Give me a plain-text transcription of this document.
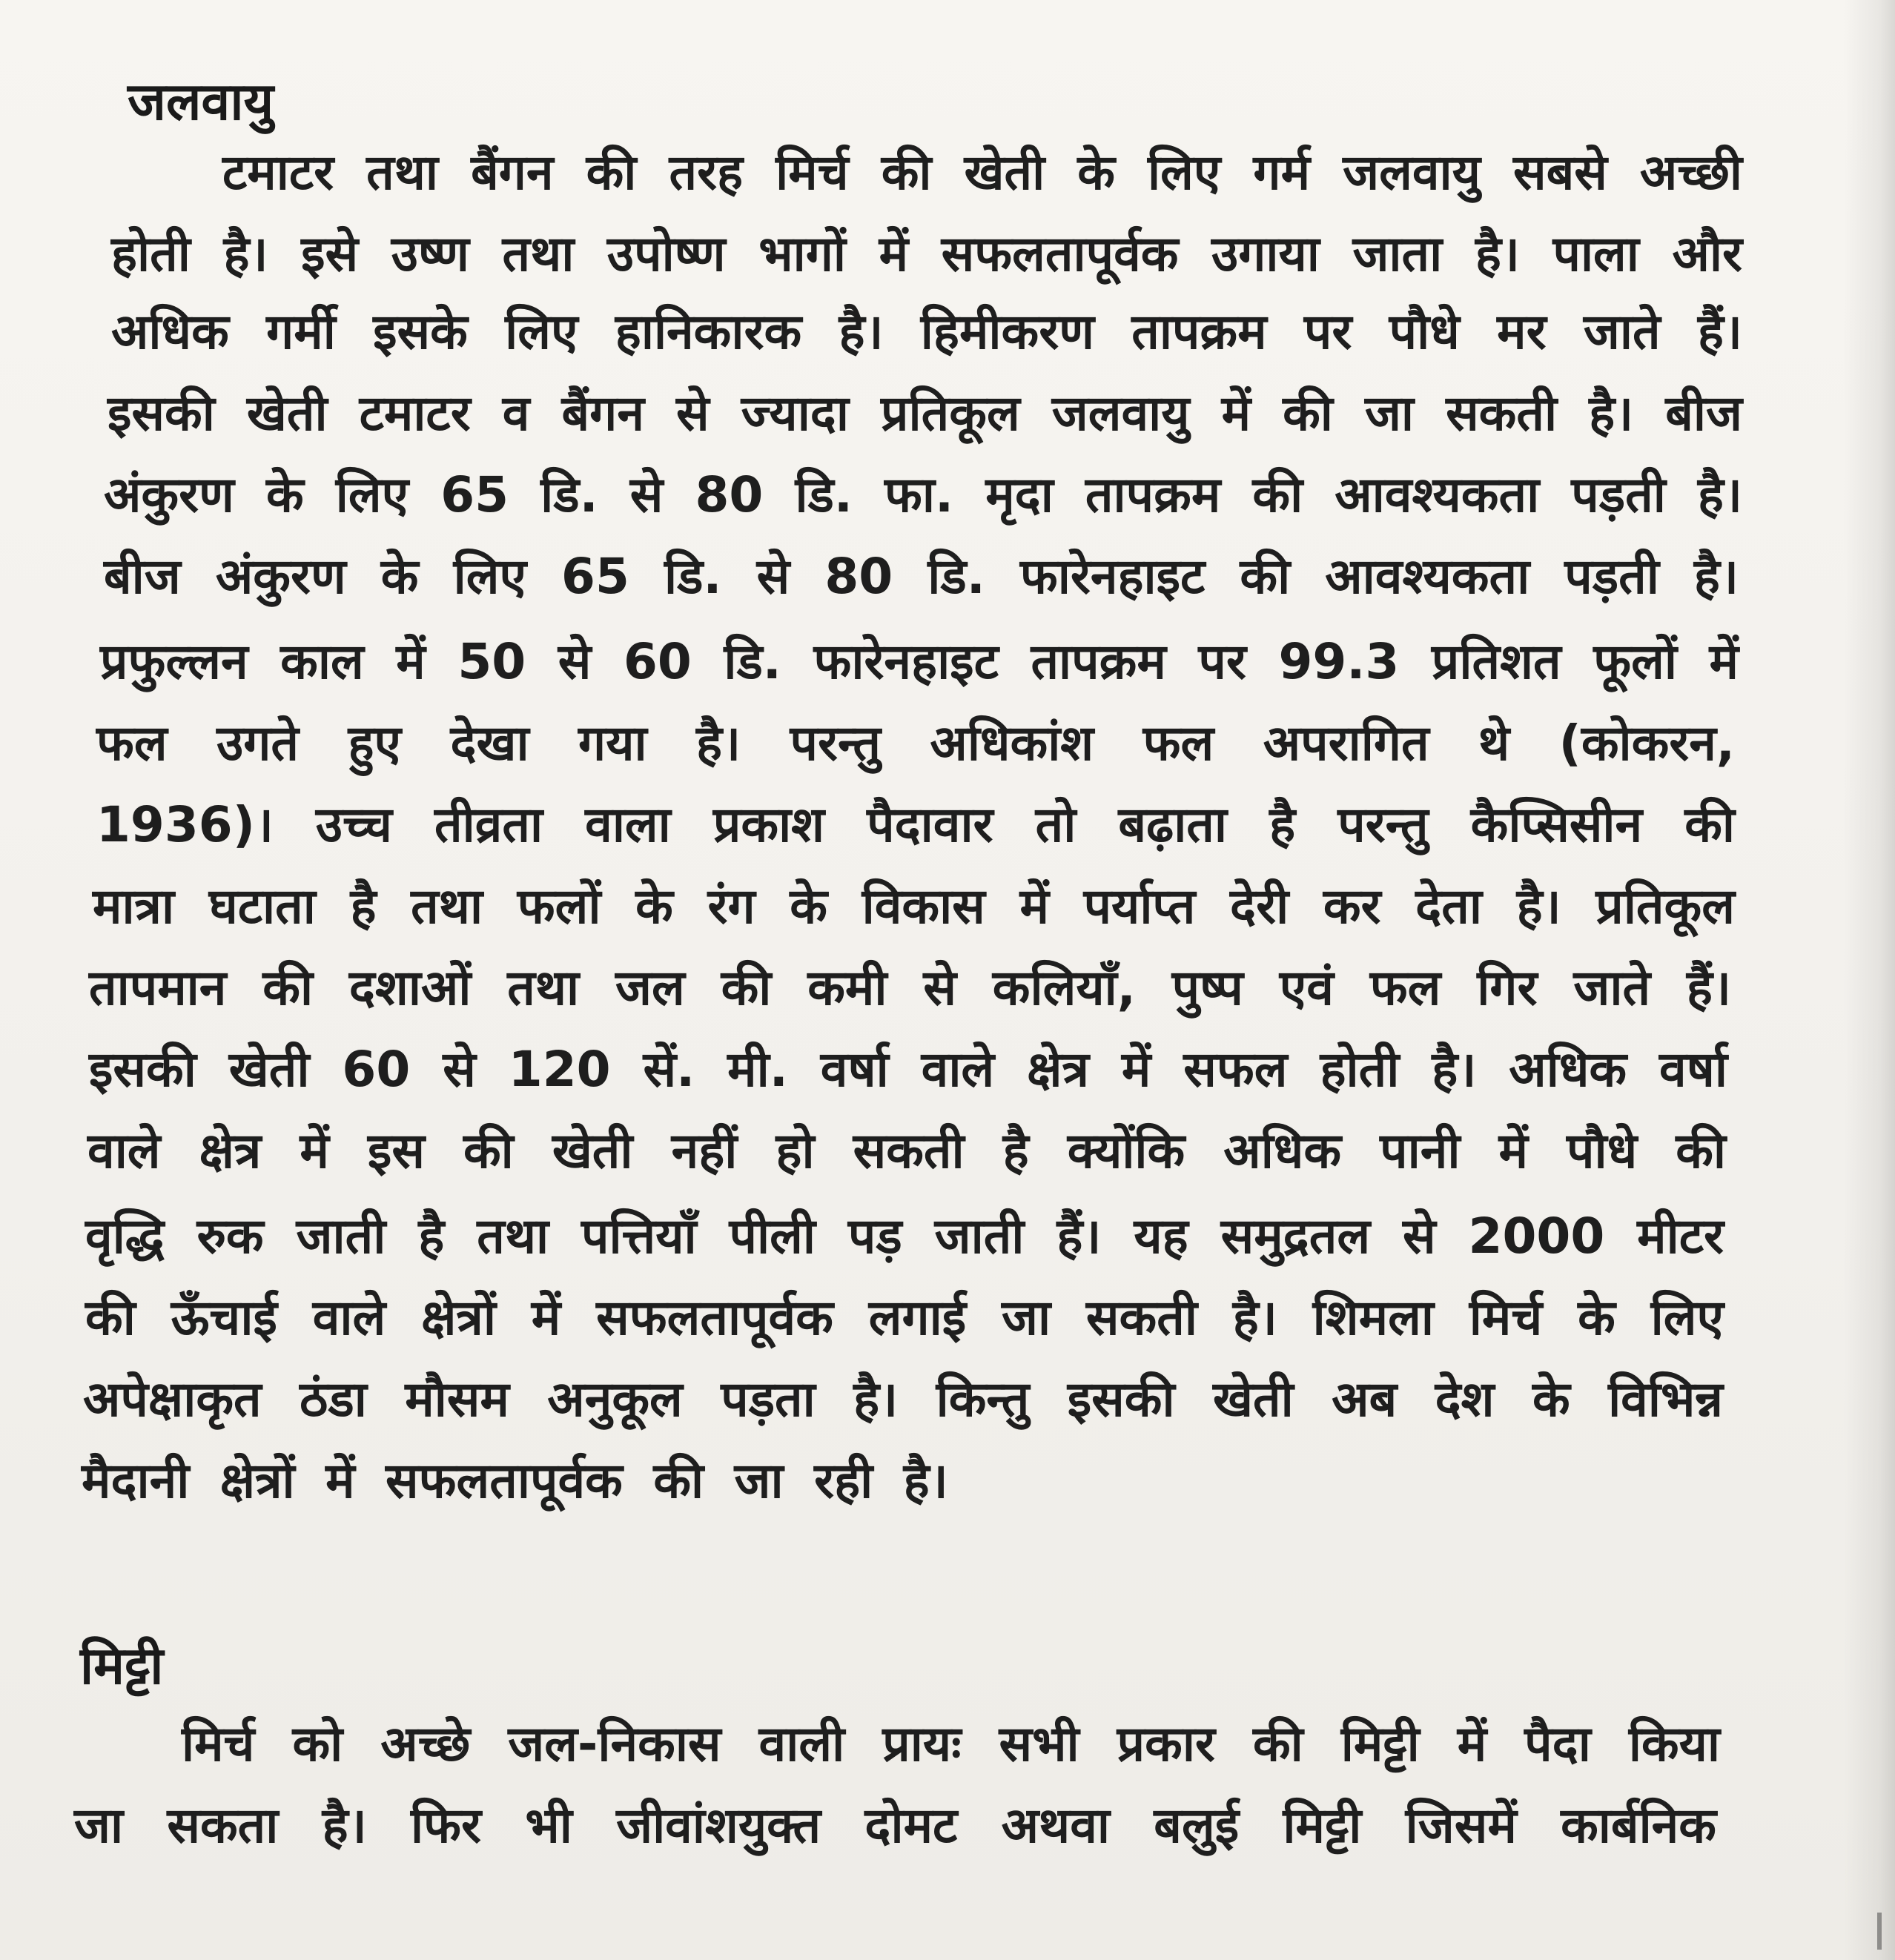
जलवायु
टमाटर तथा बैंगन की तरह मिर्च की खेती के लिए गर्म जलवायु सबसे अच्छी
होती है। इसे उष्ण तथा उपोष्ण भागों में सफलतापूर्वक उगाया जाता है। पाला और
अधिक गर्मी इसके लिए हानिकारक है। हिमीकरण तापक्रम पर पौधे मर जाते हैं।
इसकी खेती टमाटर व बैंगन से ज्यादा प्रतिकूल जलवायु में की जा सकती है। बीज
अंकुरण के लिए 65 डि. से 80 डि. फा. मृदा तापक्रम की आवश्यकता पड़ती है।
बीज अंकुरण के लिए 65 डि. से 80 डि. फारेनहाइट की आवश्यकता पड़ती है।
प्रफुल्लन काल में 50 से 60 डि. फारेनहाइट तापक्रम पर 99.3 प्रतिशत फूलों में
फल उगते हुए देखा गया है। परन्तु अधिकांश फल अपरागित थे (कोकरन,
1936)। उच्च तीव्रता वाला प्रकाश पैदावार तो बढ़ाता है परन्तु कैप्सिसीन की
मात्रा घटाता है तथा फलों के रंग के विकास में पर्याप्त देरी कर देता है। प्रतिकूल
तापमान की दशाओं तथा जल की कमी से कलियाँ, पुष्प एवं फल गिर जाते हैं।
इसकी खेती 60 से 120 सें. मी. वर्षा वाले क्षेत्र में सफल होती है। अधिक वर्षा
वाले क्षेत्र में इस की खेती नहीं हो सकती है क्योंकि अधिक पानी में पौधे की
वृद्धि रुक जाती है तथा पत्तियाँ पीली पड़ जाती हैं। यह समुद्रतल से 2000 मीटर
की ऊँचाई वाले क्षेत्रों में सफलतापूर्वक लगाई जा सकती है। शिमला मिर्च के लिए
अपेक्षाकृत ठंडा मौसम अनुकूल पड़ता है। किन्तु इसकी खेती अब देश के विभिन्न
मैदानी क्षेत्रों में सफलतापूर्वक की जा रही है।
मिट्टी
मिर्च को अच्छे जल-निकास वाली प्रायः सभी प्रकार की मिट्टी में पैदा किया
जा सकता है। फिर भी जीवांशयुक्त दोमट अथवा बलुई मिट्टी जिसमें कार्बनिक
